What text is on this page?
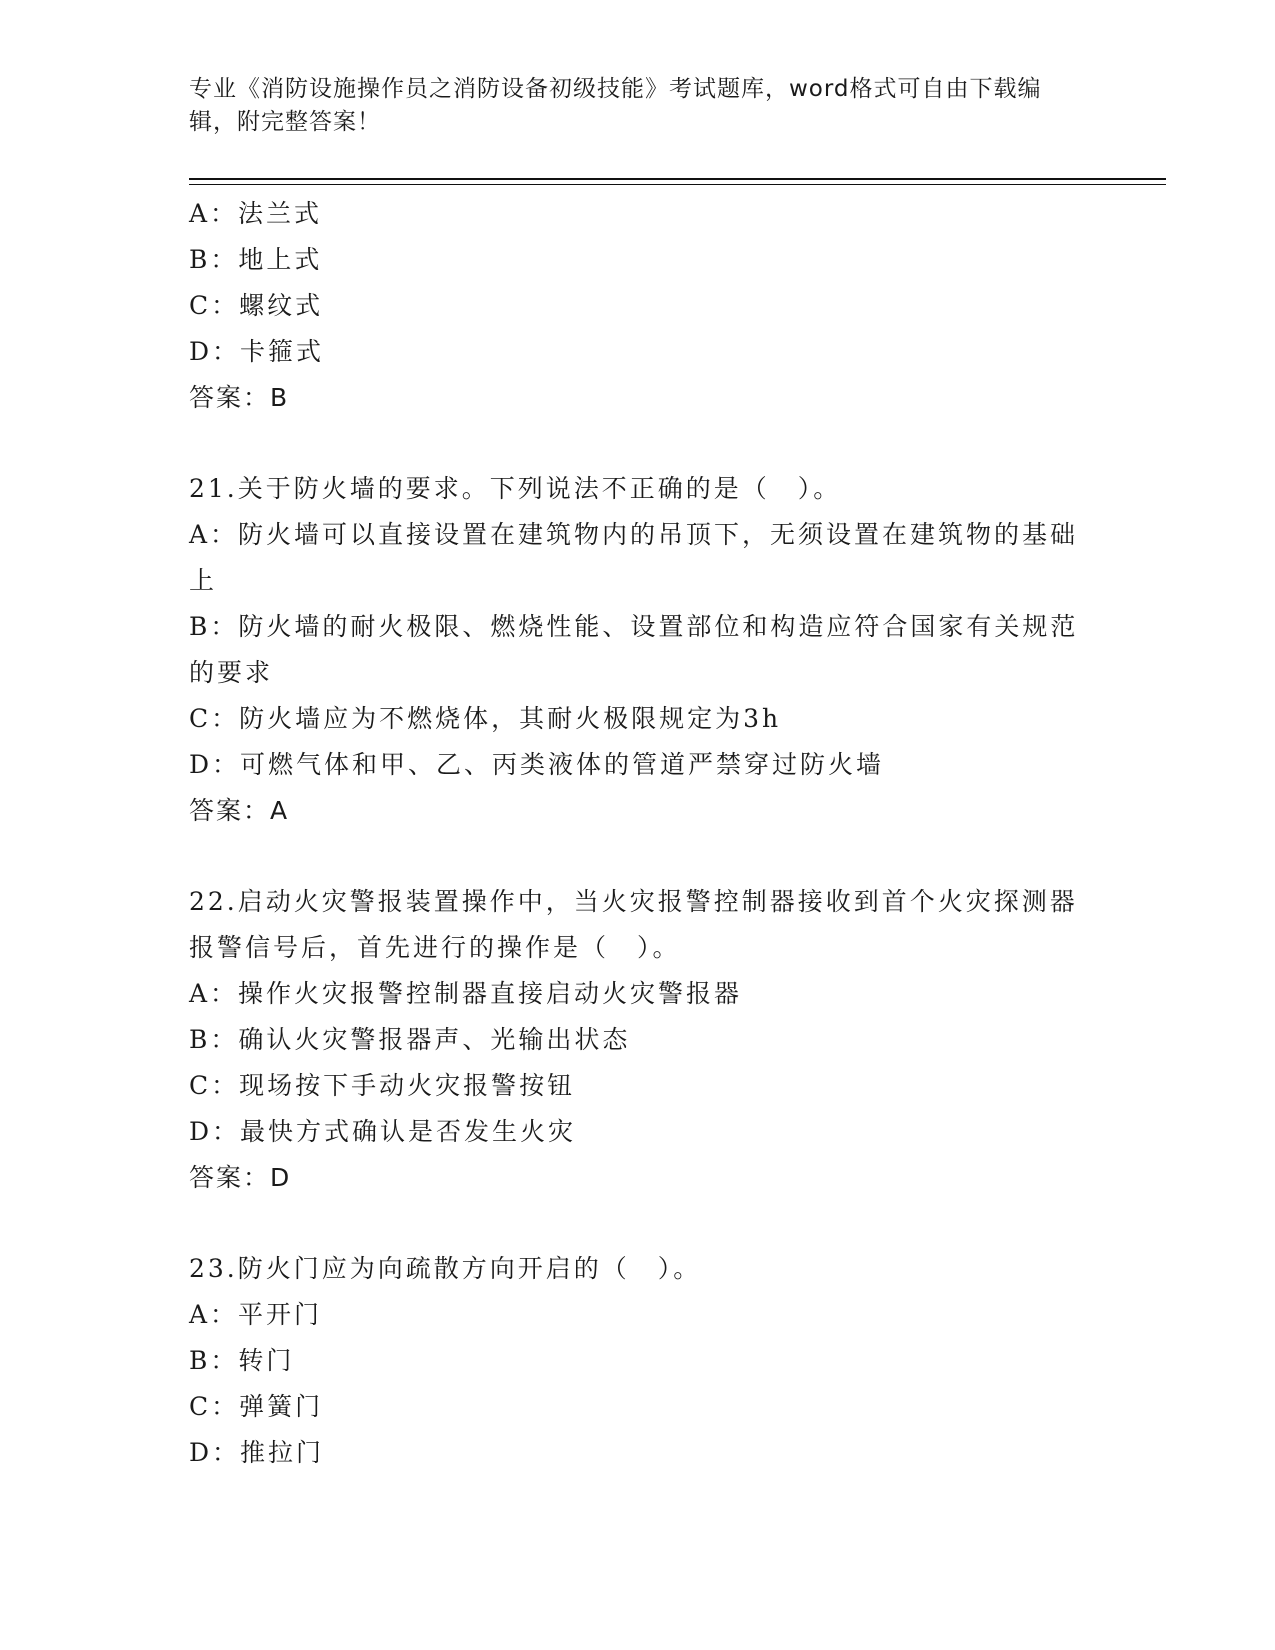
专业《消防设施操作员之消防设备初级技能》考试题库，word格式可自由下载编辑，附完整答案！
A：法兰式
B：地上式
C：螺纹式
D：卡箍式
答案：B
21.关于防火墙的要求。下列说法不正确的是（　）。
A：防火墙可以直接设置在建筑物内的吊顶下，无须设置在建筑物的基础上
B：防火墙的耐火极限、燃烧性能、设置部位和构造应符合国家有关规范的要求
C：防火墙应为不燃烧体，其耐火极限规定为3h
D：可燃气体和甲、乙、丙类液体的管道严禁穿过防火墙
答案：A
22.启动火灾警报装置操作中，当火灾报警控制器接收到首个火灾探测器报警信号后，首先进行的操作是（　）。
A：操作火灾报警控制器直接启动火灾警报器
B：确认火灾警报器声、光输出状态
C：现场按下手动火灾报警按钮
D：最快方式确认是否发生火灾
答案：D
23.防火门应为向疏散方向开启的（　）。
A：平开门
B：转门
C：弹簧门
D：推拉门
